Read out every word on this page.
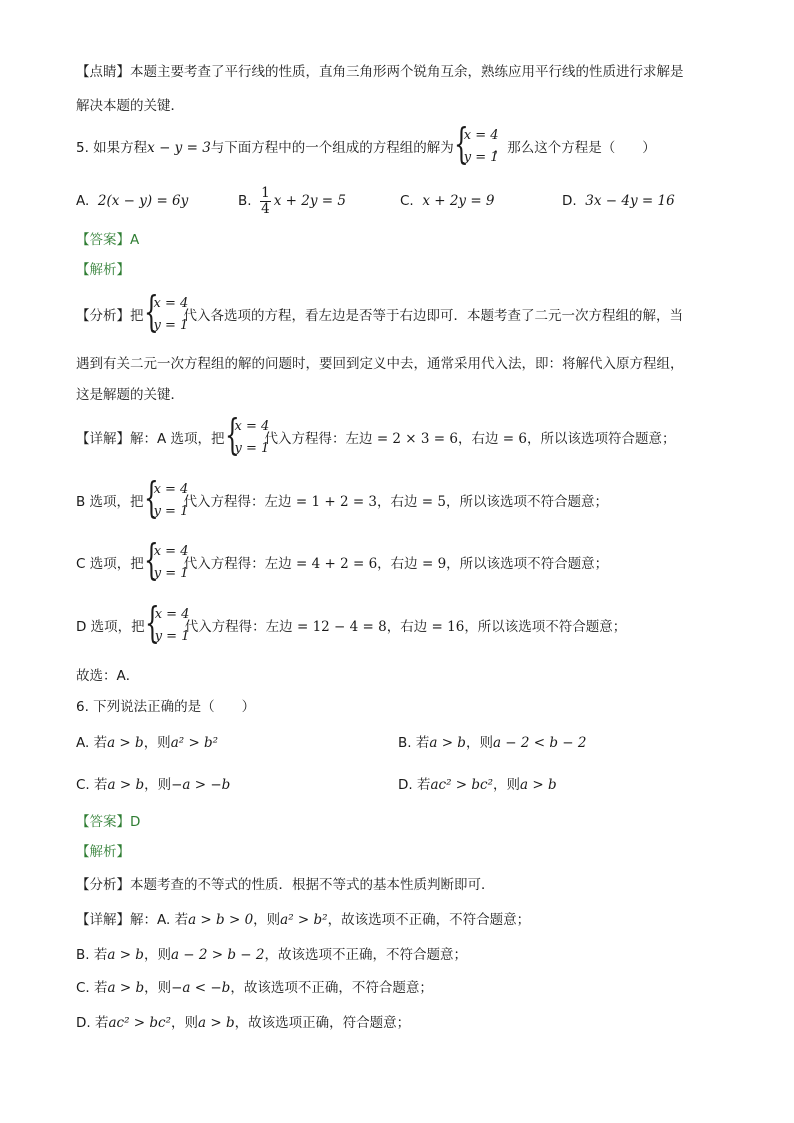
【点睛】本题主要考查了平行线的性质，直角三角形两个锐角互余，熟练应用平行线的性质进行求解是
解决本题的关键．
5. 如果方程x − y = 3与下面方程中的一个组成的方程组的解为 {
x = 4
y = 1
，那么这个方程是（　　）
A. 2(x − y) = 6y	B. $\frac{1}{4}$ x + 2y = 5	C. x + 2y = 9	D. 3x − 4y = 16
【答案】A
【解析】
【分析】把 {
x = 4
y = 1
代入各选项的方程，看左边是否等于右边即可．本题考查了二元一次方程组的解，当
遇到有关二元一次方程组的解的问题时，要回到定义中去，通常采用代入法，即：将解代入原方程组，
这是解题的关键．
【详解】解：A 选项，把 {
x = 4
y = 1
代入方程得：左边 = 2 × 3 = 6，右边 = 6，所以该选项符合题意；
B 选项，把 {
x = 4
y = 1
代入方程得：左边 = 1 + 2 = 3，右边 = 5，所以该选项不符合题意；
C 选项，把 {
x = 4
y = 1
代入方程得：左边 = 4 + 2 = 6，右边 = 9，所以该选项不符合题意；
D 选项，把 {
x = 4
y = 1
代入方程得：左边 = 12 − 4 = 8，右边 = 16，所以该选项不符合题意；
故选：A．
6. 下列说法正确的是（　　）
A. 若a > b，则a² > b²	B. 若a > b，则a − 2 < b − 2
C. 若a > b，则−a > −b	D. 若ac² > bc²，则a > b
【答案】D
【解析】
【分析】本题考查的不等式的性质．根据不等式的基本性质判断即可．
【详解】解：A. 若a > b > 0，则a² > b²，故该选项不正确，不符合题意；
B. 若a > b，则a − 2 > b − 2，故该选项不正确，不符合题意；
C. 若a > b，则−a < −b，故该选项不正确，不符合题意；
D. 若ac² > bc²，则a > b，故该选项正确，符合题意；
